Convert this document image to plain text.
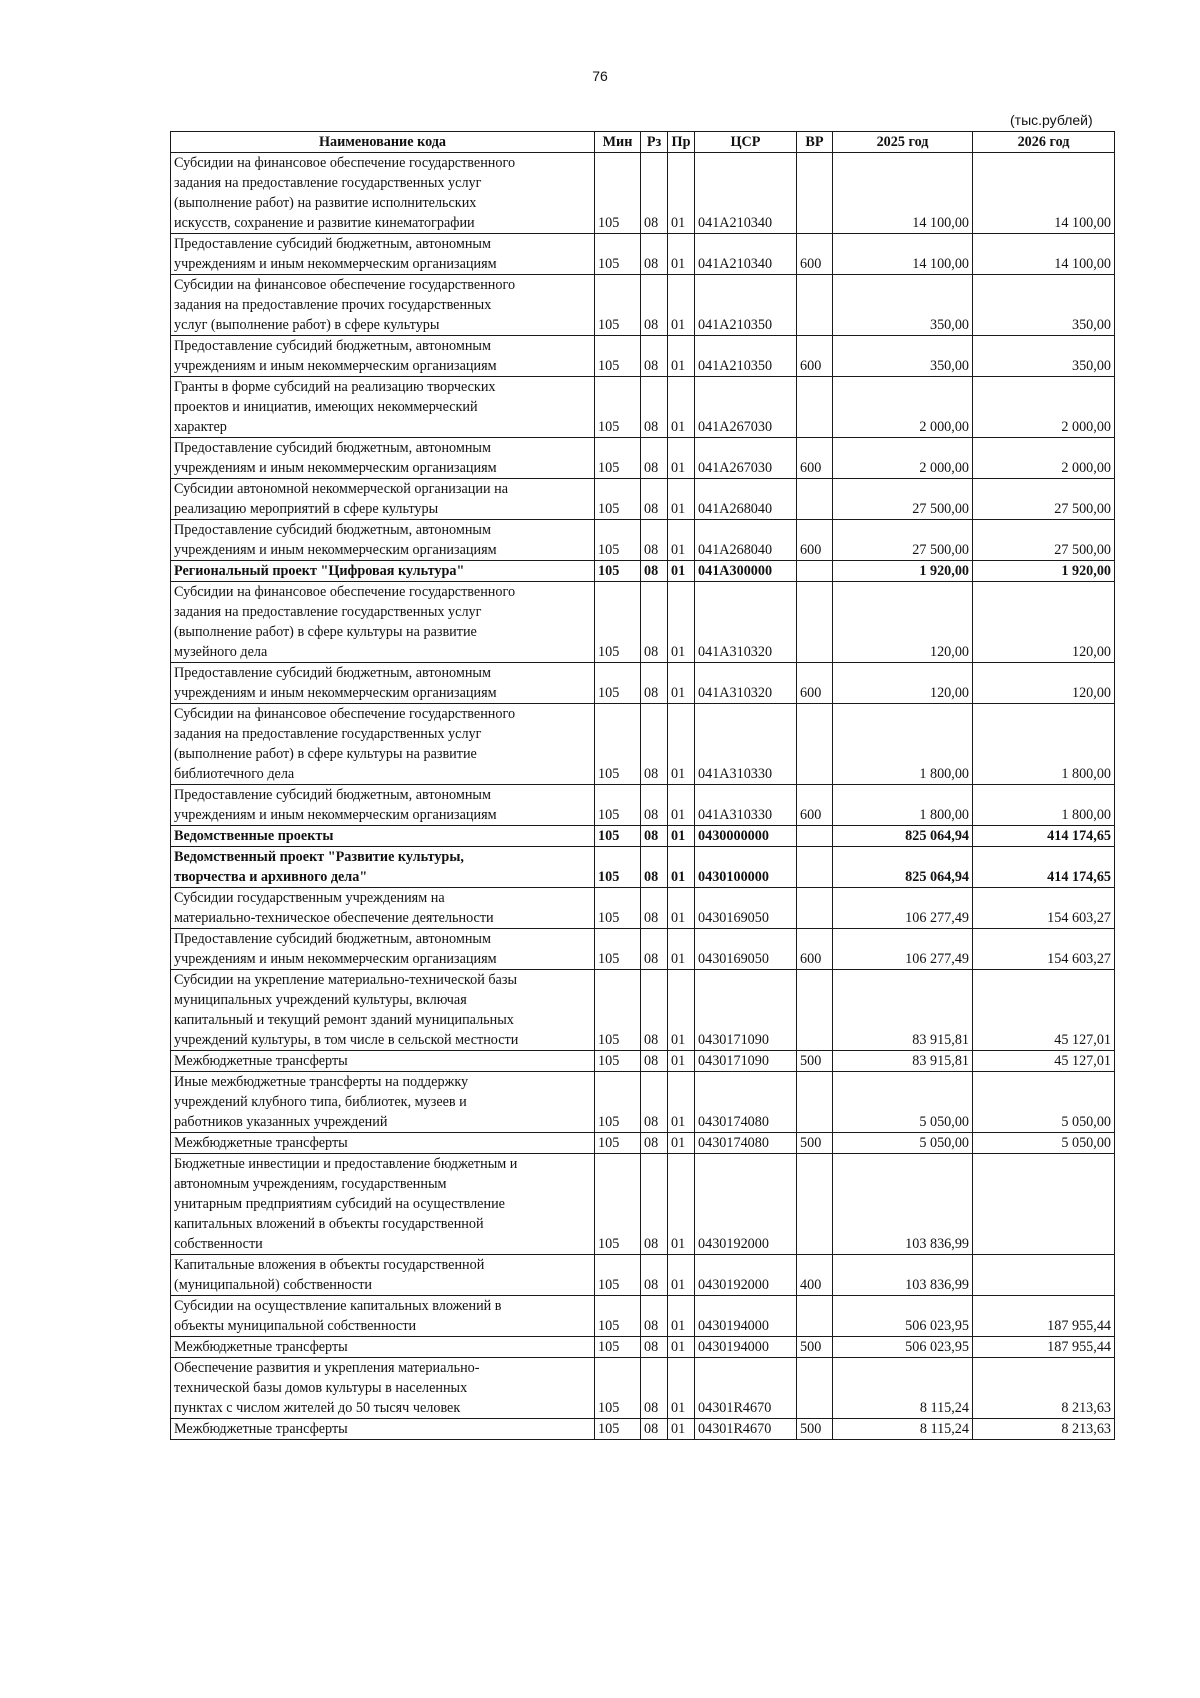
76
(тыс.рублей)
Наименование кода	Мин	Рз	Пр	ЦСР	ВР	2025 год	2026 год

Субсидии на финансовое обеспечение государственного
задания на предоставление государственных услуг
(выполнение работ) на развитие исполнительских
искусств, сохранение и развитие кинематографии	105	08	01	041A210340		14 100,00	14 100,00

Предоставление субсидий бюджетным, автономным
учреждениям и иным некоммерческим организациям	105	08	01	041A210340	600	14 100,00	14 100,00

Субсидии на финансовое обеспечение государственного
задания на предоставление прочих государственных
услуг (выполнение работ) в сфере культуры	105	08	01	041A210350		350,00	350,00

Предоставление субсидий бюджетным, автономным
учреждениям и иным некоммерческим организациям	105	08	01	041A210350	600	350,00	350,00

Гранты в форме субсидий на реализацию творческих
проектов и инициатив, имеющих некоммерческий
характер	105	08	01	041A267030		2 000,00	2 000,00

Предоставление субсидий бюджетным, автономным
учреждениям и иным некоммерческим организациям	105	08	01	041A267030	600	2 000,00	2 000,00

Субсидии автономной некоммерческой организации на
реализацию мероприятий в сфере культуры	105	08	01	041A268040		27 500,00	27 500,00

Предоставление субсидий бюджетным, автономным
учреждениям и иным некоммерческим организациям	105	08	01	041A268040	600	27 500,00	27 500,00

Региональный проект "Цифровая культура"	105	08	01	041A300000		1 920,00	1 920,00

Субсидии на финансовое обеспечение государственного
задания на предоставление государственных услуг
(выполнение работ) в сфере культуры на развитие
музейного дела	105	08	01	041A310320		120,00	120,00

Предоставление субсидий бюджетным, автономным
учреждениям и иным некоммерческим организациям	105	08	01	041A310320	600	120,00	120,00

Субсидии на финансовое обеспечение государственного
задания на предоставление государственных услуг
(выполнение работ) в сфере культуры на развитие
библиотечного дела	105	08	01	041A310330		1 800,00	1 800,00

Предоставление субсидий бюджетным, автономным
учреждениям и иным некоммерческим организациям	105	08	01	041A310330	600	1 800,00	1 800,00

Ведомственные проекты	105	08	01	0430000000		825 064,94	414 174,65

Ведомственный проект "Развитие культуры,
творчества и архивного дела"	105	08	01	0430100000		825 064,94	414 174,65

Субсидии государственным учреждениям на
материально-техническое обеспечение деятельности	105	08	01	0430169050		106 277,49	154 603,27

Предоставление субсидий бюджетным, автономным
учреждениям и иным некоммерческим организациям	105	08	01	0430169050	600	106 277,49	154 603,27

Субсидии на укрепление материально-технической базы
муниципальных учреждений культуры, включая
капитальный и текущий ремонт зданий муниципальных
учреждений культуры, в том числе в сельской местности	105	08	01	0430171090		83 915,81	45 127,01

Межбюджетные трансферты	105	08	01	0430171090	500	83 915,81	45 127,01

Иные межбюджетные трансферты на поддержку
учреждений клубного типа, библиотек, музеев и
работников указанных учреждений	105	08	01	0430174080		5 050,00	5 050,00

Межбюджетные трансферты	105	08	01	0430174080	500	5 050,00	5 050,00

Бюджетные инвестиции и предоставление бюджетным и
автономным учреждениям, государственным
унитарным предприятиям субсидий на осуществление
капитальных вложений в объекты государственной
собственности	105	08	01	0430192000		103 836,99	

Капитальные вложения в объекты государственной
(муниципальной) собственности	105	08	01	0430192000	400	103 836,99	

Субсидии на осуществление капитальных вложений в
объекты муниципальной собственности	105	08	01	0430194000		506 023,95	187 955,44

Межбюджетные трансферты	105	08	01	0430194000	500	506 023,95	187 955,44

Обеспечение развития и укрепления материально-
технической базы домов культуры в населенных
пунктах с числом жителей до 50 тысяч человек	105	08	01	04301R4670		8 115,24	8 213,63

Межбюджетные трансферты	105	08	01	04301R4670	500	8 115,24	8 213,63
